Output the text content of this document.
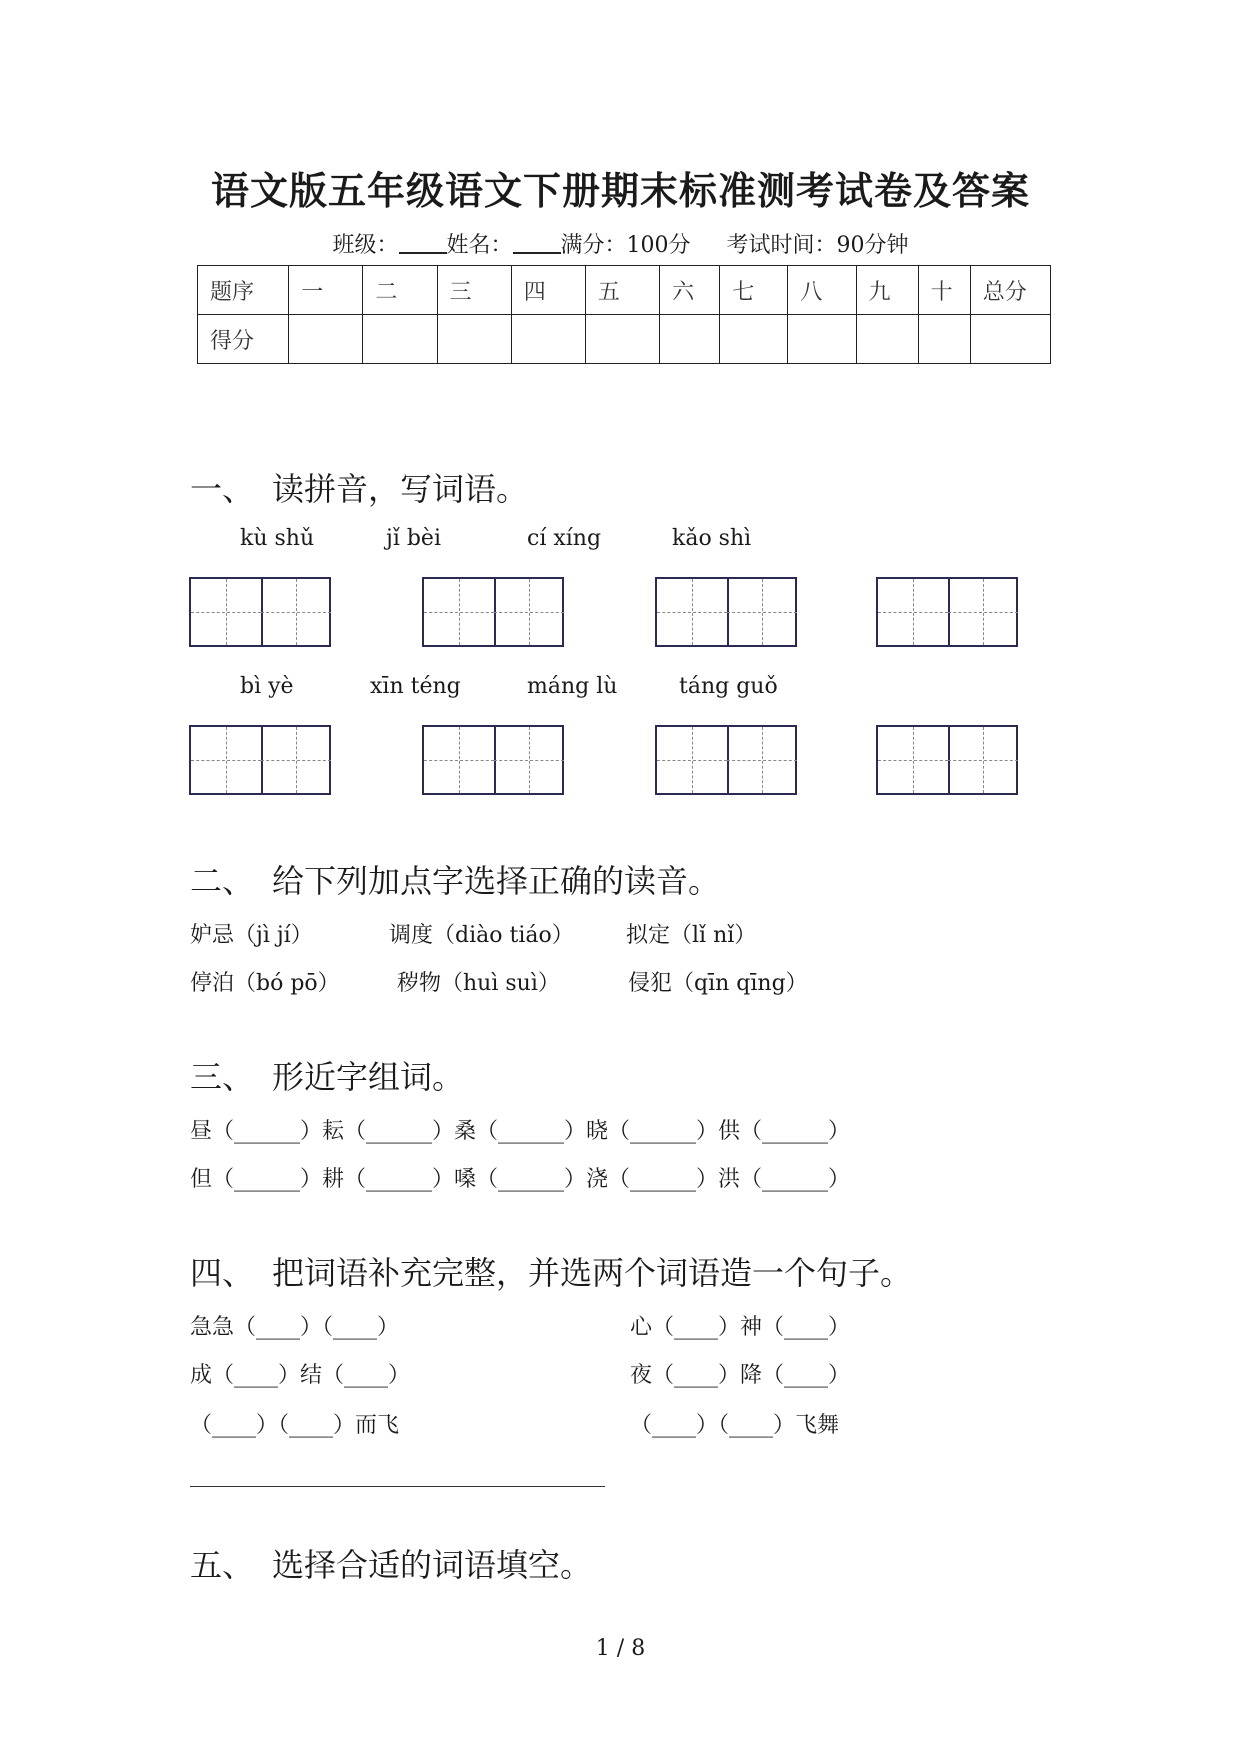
语文版五年级语文下册期末标准测考试卷及答案
班级： 姓名： 满分：100分 考试时间：90分钟
题序	一	二	三	四	五	六	七	八	九	十	总分
得分											
一、 读拼音，写词语。
kù shǔ	jǐ bèi	cí xíng	kǎo shì
bì yè	xīn téng	máng lù	táng guǒ
二、 给下列加点字选择正确的读音。
妒忌（jì jí）	调度（diào tiáo） 拟定（lǐ nǐ）
停泊（bó pō）	秽物（huì suì）	侵犯（qīn qīng）
三、 形近字组词。
昼（______）耘（______）桑（______）晓（______）供（______）
但（______）耕（______）嗓（______）浇（______）洪（______）
四、 把词语补充完整，并选两个词语造一个句子。
急急（____）（____）	心（____）神（____）
成（____）结（____）	夜（____）降（____）
（____）（____）而飞	（____）（____）飞舞
五、 选择合适的词语填空。
1 / 8
